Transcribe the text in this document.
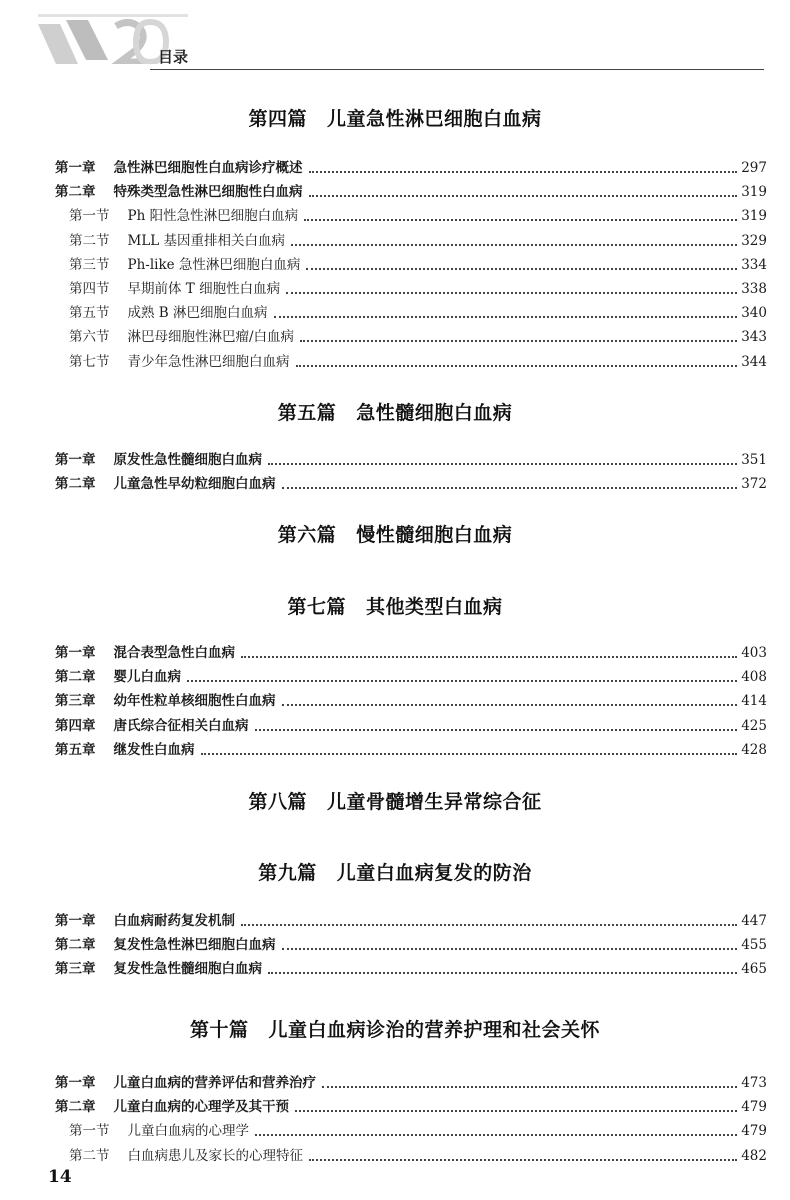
目录
第四篇 儿童急性淋巴细胞白血病
第一章 急性淋巴细胞性白血病诊疗概述	297
第二章 特殊类型急性淋巴细胞性白血病	319
第一节 Ph 阳性急性淋巴细胞白血病	319
第二节 MLL 基因重排相关白血病	329
第三节 Ph-like 急性淋巴细胞白血病	334
第四节 早期前体 T 细胞性白血病	338
第五节 成熟 B 淋巴细胞白血病	340
第六节 淋巴母细胞性淋巴瘤/白血病	343
第七节 青少年急性淋巴细胞白血病	344
第五篇 急性髓细胞白血病
第一章 原发性急性髓细胞白血病	351
第二章 儿童急性早幼粒细胞白血病	372
第六篇 慢性髓细胞白血病
第七篇 其他类型白血病
第一章 混合表型急性白血病	403
第二章 婴儿白血病	408
第三章 幼年性粒单核细胞性白血病	414
第四章 唐氏综合征相关白血病	425
第五章 继发性白血病	428
第八篇 儿童骨髓增生异常综合征
第九篇 儿童白血病复发的防治
第一章 白血病耐药复发机制	447
第二章 复发性急性淋巴细胞白血病	455
第三章 复发性急性髓细胞白血病	465
第十篇 儿童白血病诊治的营养护理和社会关怀
第一章 儿童白血病的营养评估和营养治疗	473
第二章 儿童白血病的心理学及其干预	479
第一节 儿童白血病的心理学	479
第二节 白血病患儿及家长的心理特征	482
14
